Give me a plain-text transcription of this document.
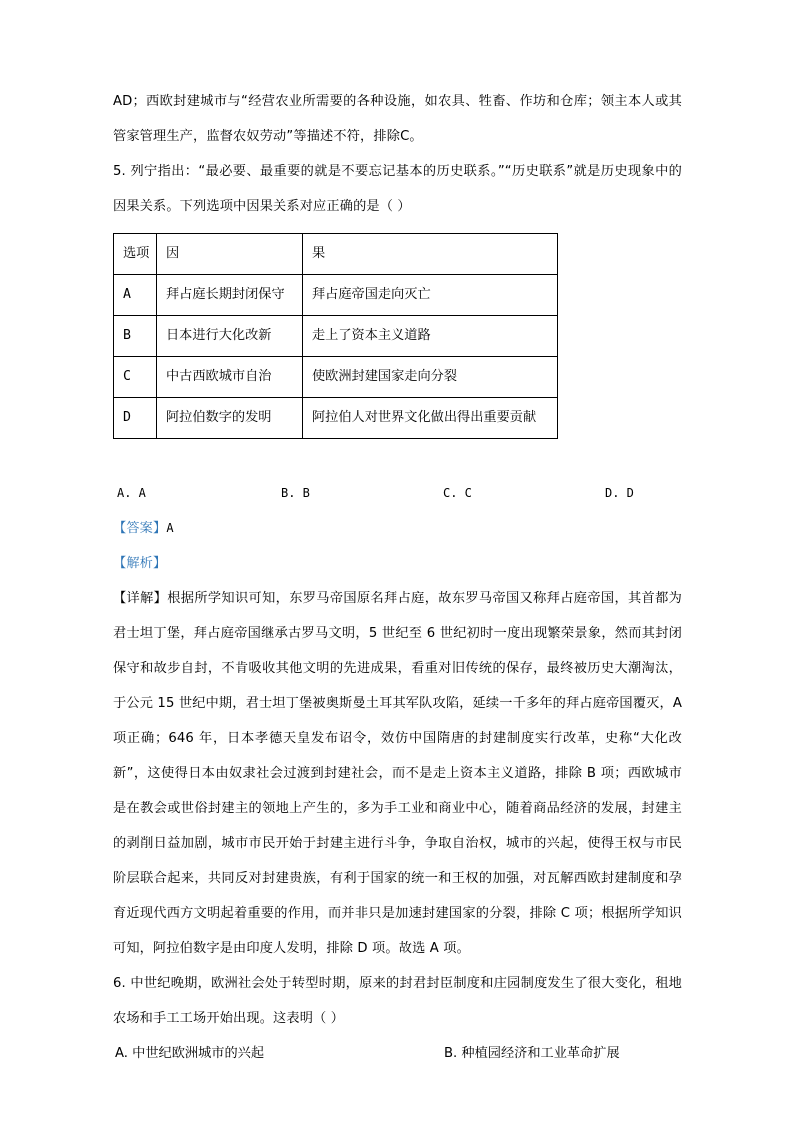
AD；西欧封建城市与“经营农业所需要的各种设施，如农具、牲畜、作坊和仓库；领主本人或其管家管理生产，监督农奴劳动”等描述不符，排除C。

5. 列宁指出：“最必要、最重要的就是不要忘记基本的历史联系。”“历史联系”就是历史现象中的因果关系。下列选项中因果关系对应正确的是（ ）

选项	因	果
A	拜占庭长期封闭保守	拜占庭帝国走向灭亡
B	日本进行大化改新	走上了资本主义道路
C	中古西欧城市自治	使欧洲封建国家走向分裂
D	阿拉伯数字的发明	阿拉伯人对世界文化做出得出重要贡献
A. A	B. B	C. C	D. D

【答案】A

【解析】

【详解】根据所学知识可知，东罗马帝国原名拜占庭，故东罗马帝国又称拜占庭帝国，其首都为君士坦丁堡，拜占庭帝国继承古罗马文明，5 世纪至 6 世纪初时一度出现繁荣景象，然而其封闭保守和故步自封，不肯吸收其他文明的先进成果，看重对旧传统的保存，最终被历史大潮淘汰，于公元 15 世纪中期，君士坦丁堡被奥斯曼土耳其军队攻陷，延续一千多年的拜占庭帝国覆灭，A 项正确；646 年，日本孝德天皇发布诏令，效仿中国隋唐的封建制度实行改革，史称“大化改新”，这使得日本由奴隶社会过渡到封建社会，而不是走上资本主义道路，排除 B 项；西欧城市是在教会或世俗封建主的领地上产生的，多为手工业和商业中心，随着商品经济的发展，封建主的剥削日益加剧，城市市民开始于封建主进行斗争，争取自治权，城市的兴起，使得王权与市民阶层联合起来，共同反对封建贵族，有利于国家的统一和王权的加强，对瓦解西欧封建制度和孕育近现代西方文明起着重要的作用，而并非只是加速封建国家的分裂，排除 C 项；根据所学知识可知，阿拉伯数字是由印度人发明，排除 D 项。故选 A 项。

6. 中世纪晚期，欧洲社会处于转型时期，原来的封君封臣制度和庄园制度发生了很大变化，租地农场和手工工场开始出现。这表明（ ）

A. 中世纪欧洲城市的兴起	B. 种植园经济和工业革命扩展
